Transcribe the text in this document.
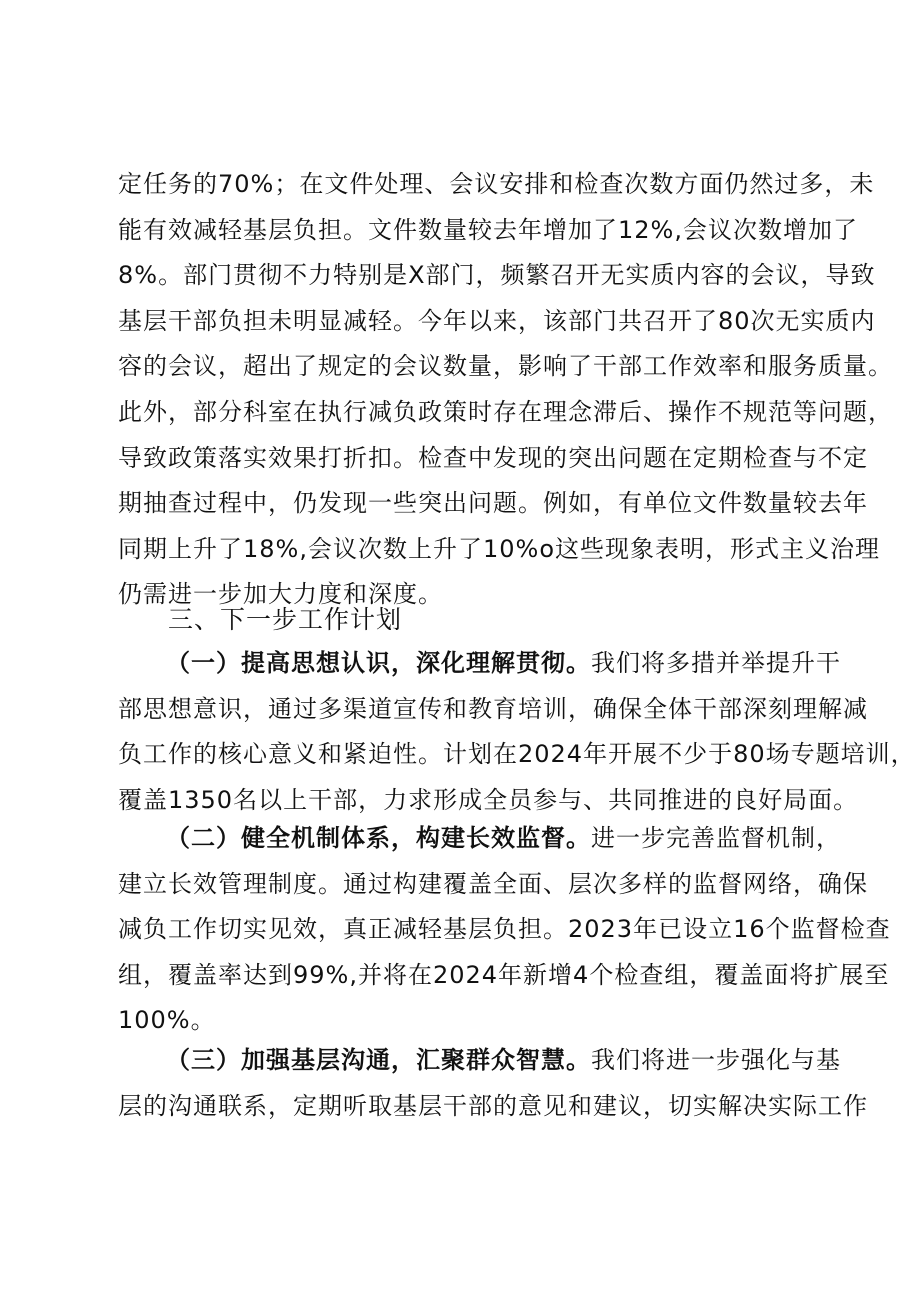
定任务的70%；在文件处理、会议安排和检查次数方面仍然过多，未
能有效减轻基层负担。文件数量较去年增加了12%,会议次数增加了
8%。部门贯彻不力特别是X部门，频繁召开无实质内容的会议，导致
基层干部负担未明显减轻。今年以来，该部门共召开了80次无实质内
容的会议，超出了规定的会议数量，影响了干部工作效率和服务质量。
此外，部分科室在执行减负政策时存在理念滞后、操作不规范等问题，
导致政策落实效果打折扣。检查中发现的突出问题在定期检查与不定
期抽查过程中，仍发现一些突出问题。例如，有单位文件数量较去年
同期上升了18%,会议次数上升了10%o这些现象表明，形式主义治理
仍需进一步加大力度和深度。
三、下一步工作计划
（一）提高思想认识，深化理解贯彻。我们将多措并举提升干
部思想意识，通过多渠道宣传和教育培训，确保全体干部深刻理解减
负工作的核心意义和紧迫性。计划在2024年开展不少于80场专题培训，
覆盖1350名以上干部，力求形成全员参与、共同推进的良好局面。
（二）健全机制体系，构建长效监督。进一步完善监督机制，
建立长效管理制度。通过构建覆盖全面、层次多样的监督网络，确保
减负工作切实见效，真正减轻基层负担。2023年已设立16个监督检查
组，覆盖率达到99%,并将在2024年新增4个检查组，覆盖面将扩展至
100%。
（三）加强基层沟通，汇聚群众智慧。我们将进一步强化与基
层的沟通联系，定期听取基层干部的意见和建议，切实解决实际工作
